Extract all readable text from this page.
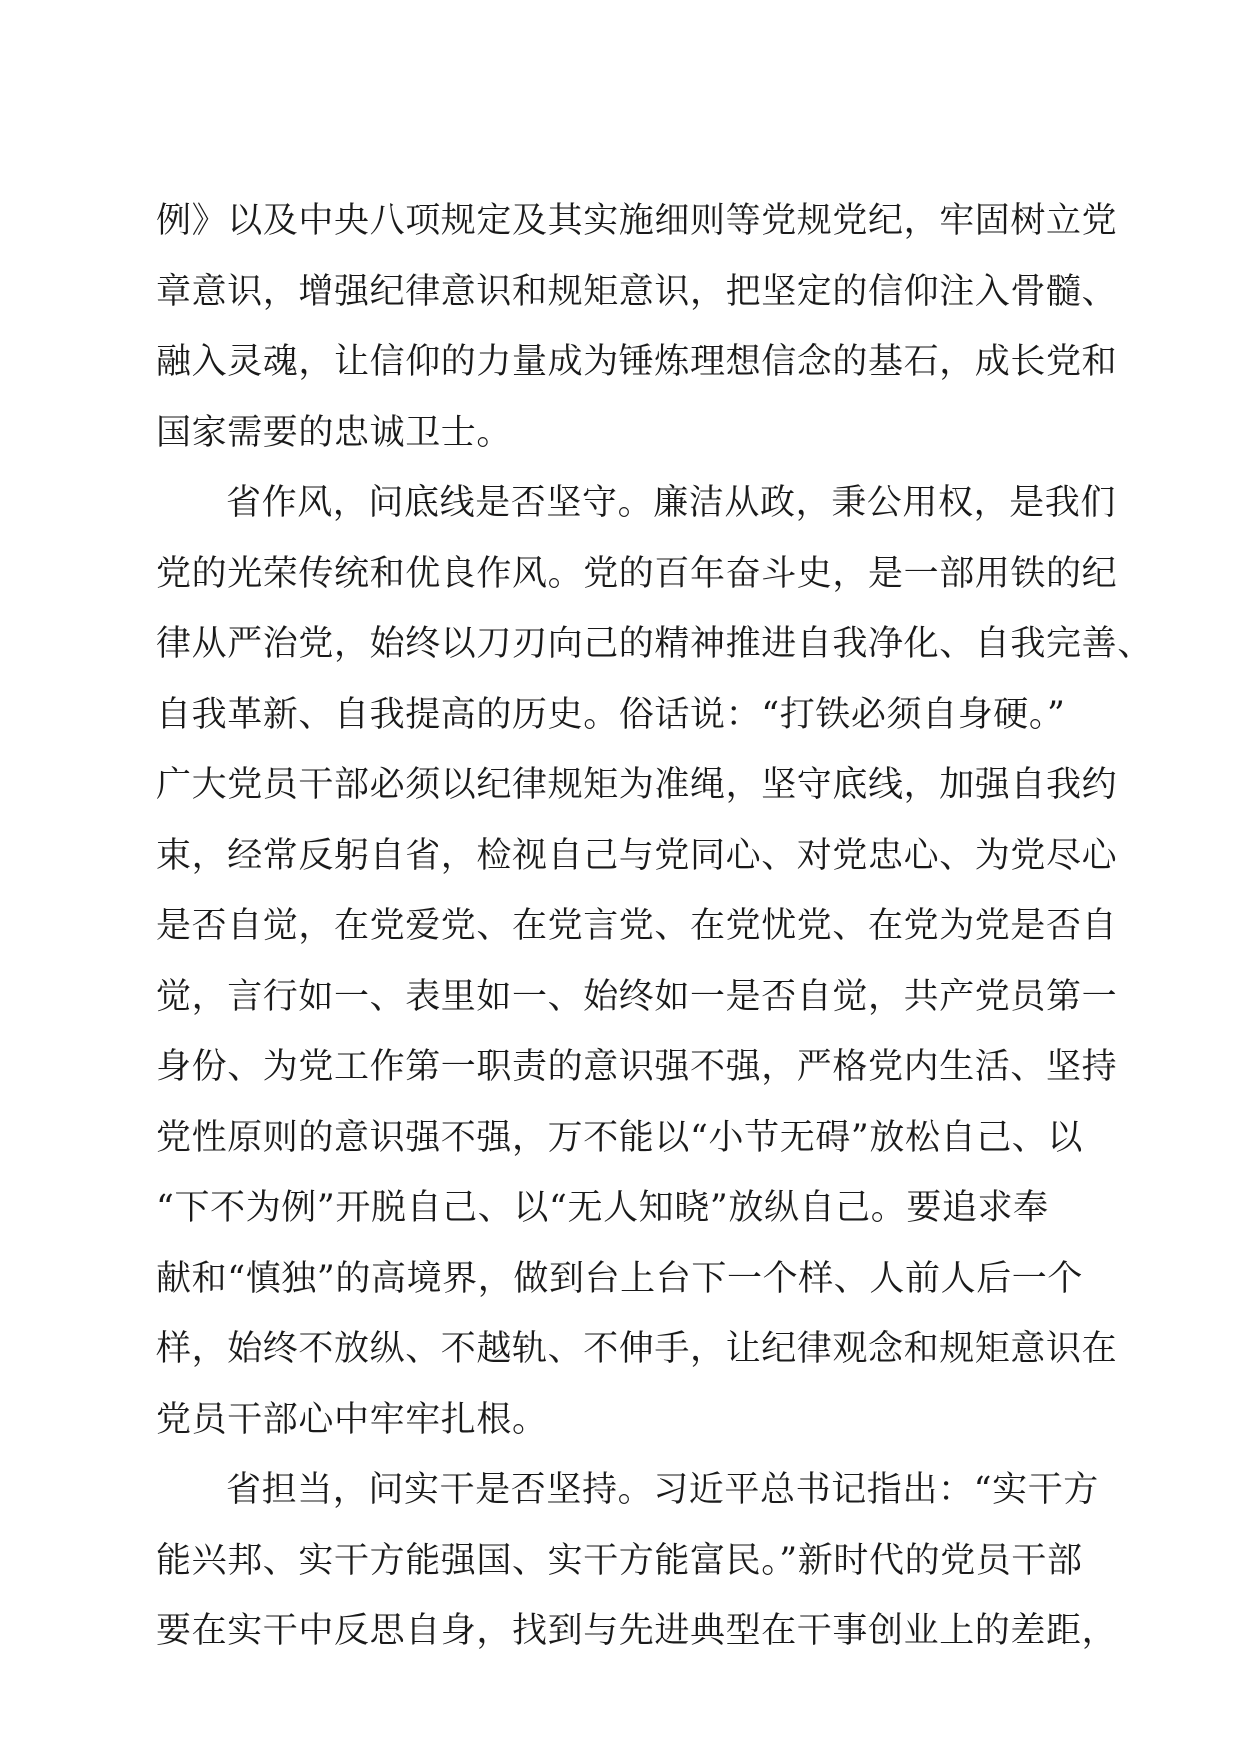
例》以及中央八项规定及其实施细则等党规党纪，牢固树立党
章意识，增强纪律意识和规矩意识，把坚定的信仰注入骨髓、
融入灵魂，让信仰的力量成为锤炼理想信念的基石，成长党和
国家需要的忠诚卫士。
省作风，问底线是否坚守。廉洁从政，秉公用权，是我们
党的光荣传统和优良作风。党的百年奋斗史，是一部用铁的纪
律从严治党，始终以刀刃向己的精神推进自我净化、自我完善、
自我革新、自我提高的历史。俗话说：“打铁必须自身硬。”
广大党员干部必须以纪律规矩为准绳，坚守底线，加强自我约
束，经常反躬自省，检视自己与党同心、对党忠心、为党尽心
是否自觉，在党爱党、在党言党、在党忧党、在党为党是否自
觉，言行如一、表里如一、始终如一是否自觉，共产党员第一
身份、为党工作第一职责的意识强不强，严格党内生活、坚持
党性原则的意识强不强，万不能以“小节无碍”放松自己、以
“下不为例”开脱自己、以“无人知晓”放纵自己。要追求奉
献和“慎独”的高境界，做到台上台下一个样、人前人后一个
样，始终不放纵、不越轨、不伸手，让纪律观念和规矩意识在
党员干部心中牢牢扎根。
省担当，问实干是否坚持。习近平总书记指出：“实干方
能兴邦、实干方能强国、实干方能富民。”新时代的党员干部
要在实干中反思自身，找到与先进典型在干事创业上的差距，
